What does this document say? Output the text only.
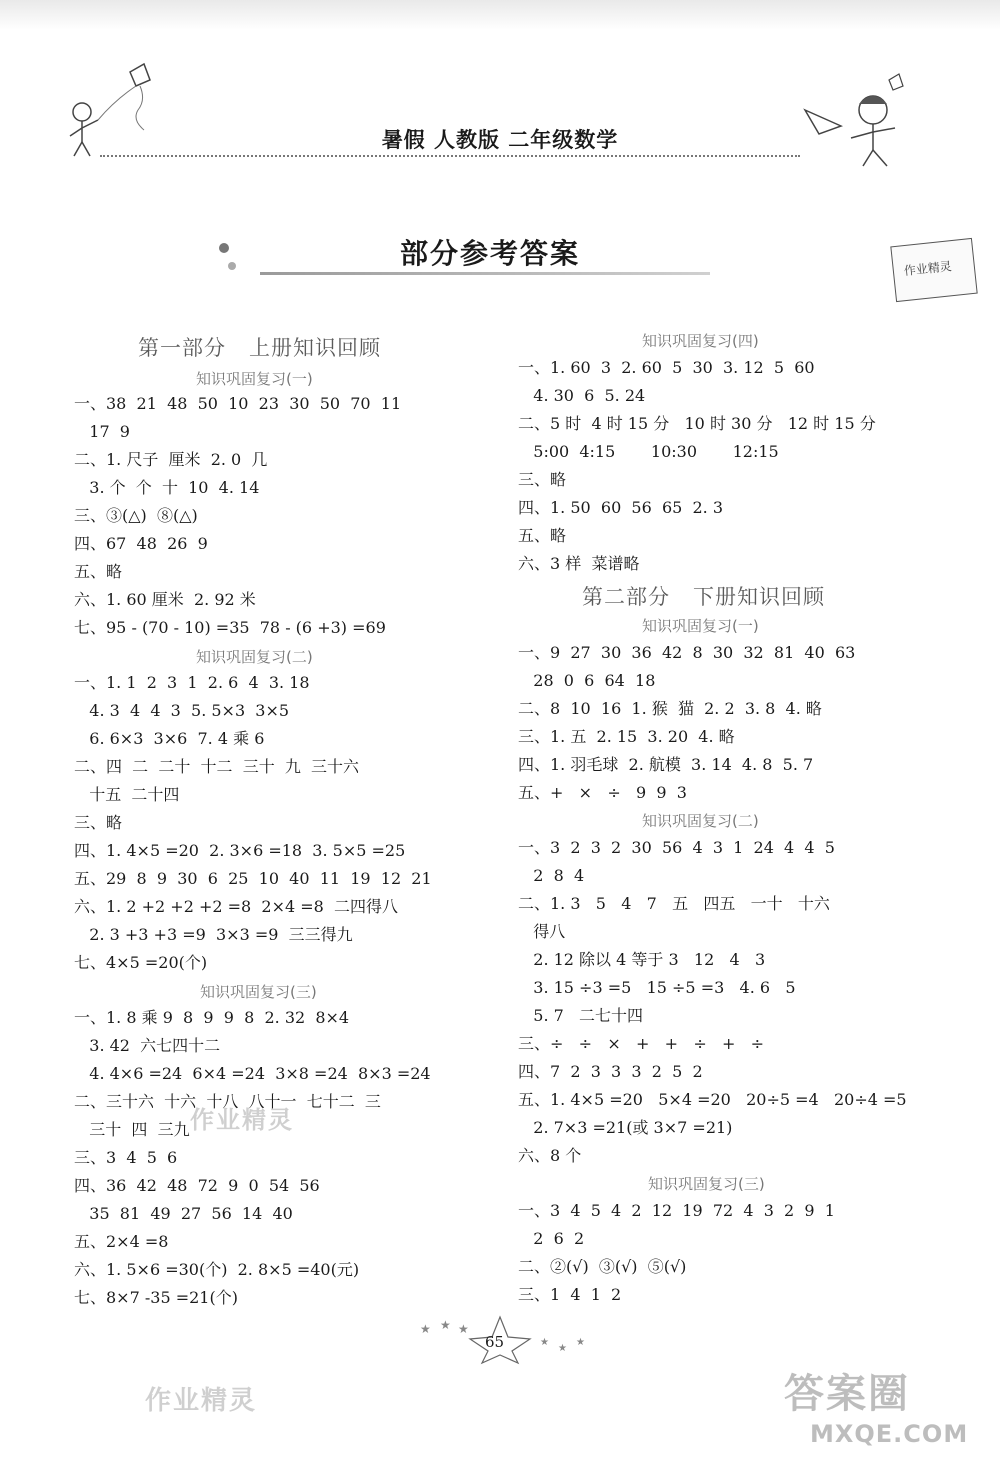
暑假 人教版 二年级数学
部分参考答案	作业精灵
第一部分   上册知识回顾
知识巩固复习(一)
一、38  21  48  50  10  23  30  50  70  11
17  9
二、1. 尺子  厘米  2. 0  几
3. 个  个  十  10  4. 14
三、③(△)  ⑧(△)
四、67  48  26  9
五、略
六、1. 60 厘米  2. 92 米
七、95 - (70 - 10) =35  78 - (6 +3) =69
知识巩固复习(二)
一、1. 1  2  3  1  2. 6  4  3. 18
4. 3  4  4  3  5. 5×3  3×5
6. 6×3  3×6  7. 4 乘 6
二、四  二  二十  十二  三十  九  三十六
十五  二十四
三、略
四、1. 4×5 =20  2. 3×6 =18  3. 5×5 =25
五、29  8  9  30  6  25  10  40  11  19  12  21
六、1. 2 +2 +2 +2 =8  2×4 =8  二四得八
2. 3 +3 +3 =9  3×3 =9  三三得九
七、4×5 =20(个)
知识巩固复习(三)
一、1. 8 乘 9  8  9  9  8  2. 32  8×4
3. 42  六七四十二
4. 4×6 =24  6×4 =24  3×8 =24  8×3 =24
二、三十六  十六  十八  八十一  七十二  三
三十  四  三九
三、3  4  5  6
四、36  42  48  72  9  0  54  56
35  81  49  27  56  14  40
五、2×4 =8
六、1. 5×6 =30(个)  2. 8×5 =40(元)
七、8×7 -35 =21(个)
知识巩固复习(四)
一、1. 60  3  2. 60  5  30  3. 12  5  60
4. 30  6  5. 24
二、5 时  4 时 15 分   10 时 30 分   12 时 15 分
5:00  4:15       10:30       12:15
三、略
四、1. 50  60  56  65  2. 3
五、略
六、3 样  菜谱略
第二部分   下册知识回顾
知识巩固复习(一)
一、9  27  30  36  42  8  30  32  81  40  63
28  0  6  64  18
二、8  10  16  1. 猴  猫  2. 2  3. 8  4. 略
三、1. 五  2. 15  3. 20  4. 略
四、1. 羽毛球  2. 航模  3. 14  4. 8  5. 7
五、+   ×   ÷   9  9  3
知识巩固复习(二)
一、3  2  3  2  30  56  4  3  1  24  4  4  5
2  8  4
二、1. 3   5   4   7   五   四五   一十   十六
得八
2. 12 除以 4 等于 3   12   4   3
3. 15 ÷3 =5   15 ÷5 =3   4. 6   5
5. 7   二七十四
三、÷   ÷   ×   +   +   ÷   +   ÷
四、7  2  3  3  3  2  5  2
五、1. 4×5 =20   5×4 =20   20÷5 =4   20÷4 =5
2. 7×3 =21(或 3×7 =21)
六、8 个
知识巩固复习(三)
一、3  4  5  4  2  12  19  72  4  3  2  9  1
2  6  2
二、②(√)  ③(√)  ⑤(√)
三、1  4  1  2
★ ★ ★
★
★
★
65
作业精灵
作业精灵	答案圈
MXQE.COM
